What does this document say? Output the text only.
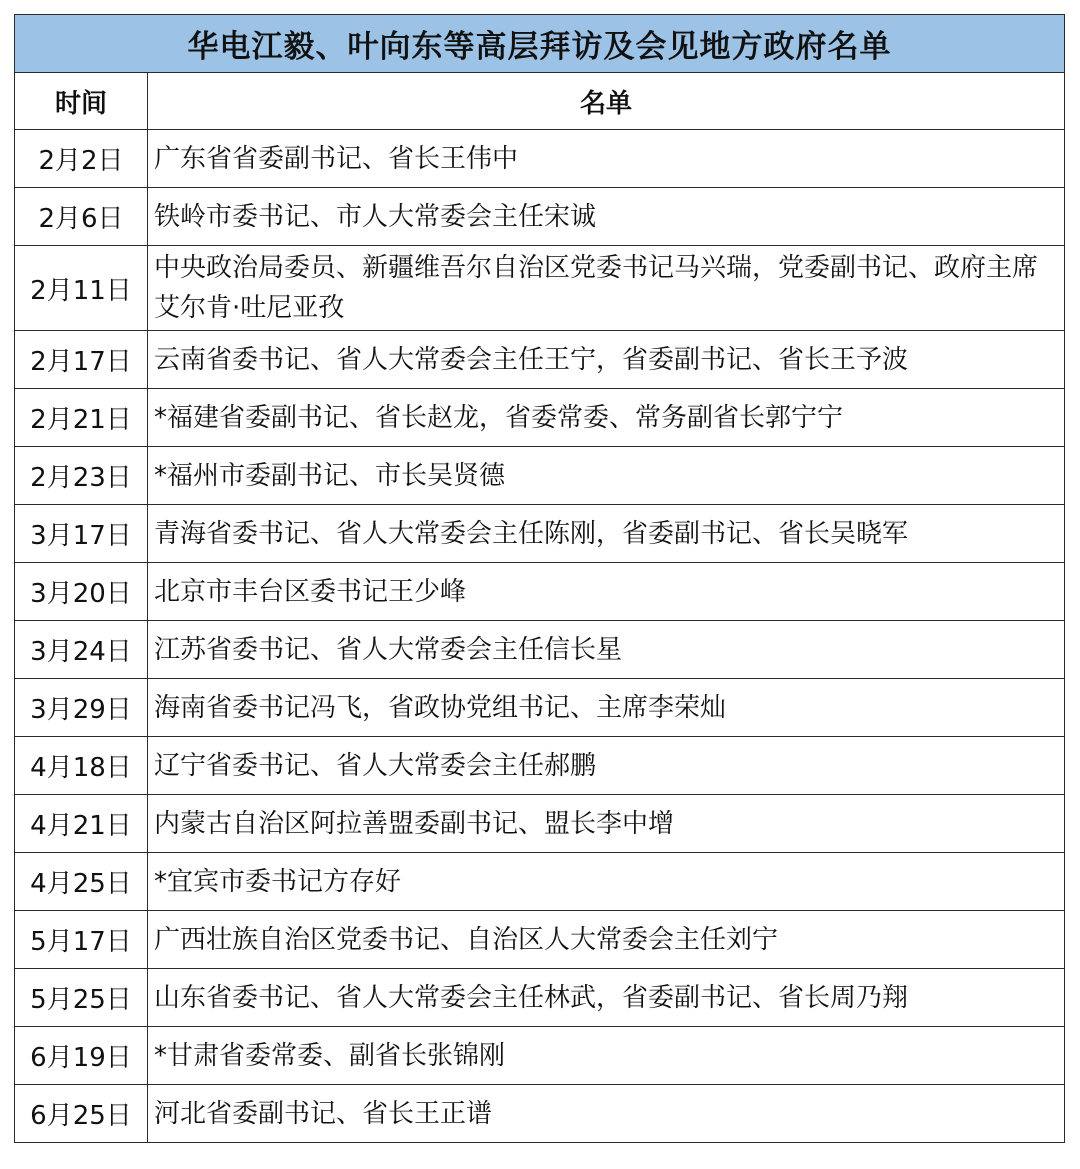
华电江毅、叶向东等高层拜访及会见地方政府名单	
时间	名单
2月2日	广东省省委副书记、省长王伟中
2月6日	铁岭市委书记、市人大常委会主任宋诚
2月11日	中央政治局委员、新疆维吾尔自治区党委书记马兴瑞，党委副书记、政府主席艾尔肯·吐尼亚孜
2月17日	云南省委书记、省人大常委会主任王宁，省委副书记、省长王予波
2月21日	*福建省委副书记、省长赵龙，省委常委、常务副省长郭宁宁
2月23日	*福州市委副书记、市长吴贤德
3月17日	青海省委书记、省人大常委会主任陈刚，省委副书记、省长吴晓军
3月20日	北京市丰台区委书记王少峰
3月24日	江苏省委书记、省人大常委会主任信长星
3月29日	海南省委书记冯飞，省政协党组书记、主席李荣灿
4月18日	辽宁省委书记、省人大常委会主任郝鹏
4月21日	内蒙古自治区阿拉善盟委副书记、盟长李中增
4月25日	*宜宾市委书记方存好
5月17日	广西壮族自治区党委书记、自治区人大常委会主任刘宁
5月25日	山东省委书记、省人大常委会主任林武，省委副书记、省长周乃翔
6月19日	*甘肃省委常委、副省长张锦刚
6月25日	河北省委副书记、省长王正谱
